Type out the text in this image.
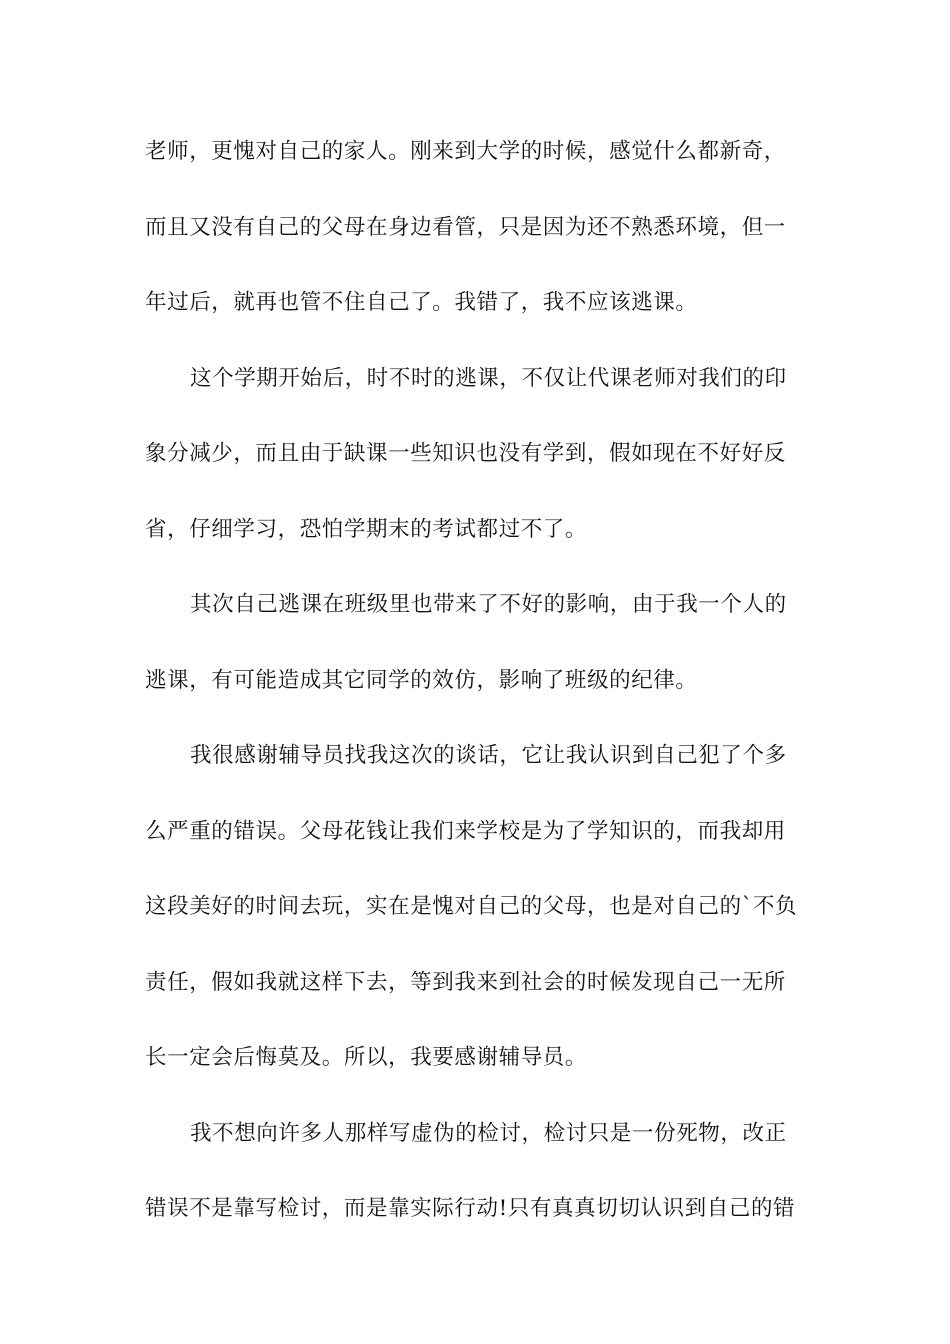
老师，更愧对自己的家人。刚来到大学的时候，感觉什么都新奇，
而且又没有自己的父母在身边看管，只是因为还不熟悉环境，但一
年过后，就再也管不住自己了。我错了，我不应该逃课。
这个学期开始后，时不时的逃课，不仅让代课老师对我们的印
象分减少，而且由于缺课一些知识也没有学到，假如现在不好好反
省，仔细学习，恐怕学期末的考试都过不了。
其次自己逃课在班级里也带来了不好的影响，由于我一个人的
逃课，有可能造成其它同学的效仿，影响了班级的纪律。
我很感谢辅导员找我这次的谈话，它让我认识到自己犯了个多
么严重的错误。父母花钱让我们来学校是为了学知识的，而我却用
这段美好的时间去玩，实在是愧对自己的父母，也是对自己的`不负
责任，假如我就这样下去，等到我来到社会的时候发现自己一无所
长一定会后悔莫及。所以，我要感谢辅导员。
我不想向许多人那样写虚伪的检讨，检讨只是一份死物，改正
错误不是靠写检讨，而是靠实际行动!只有真真切切认识到自己的错
